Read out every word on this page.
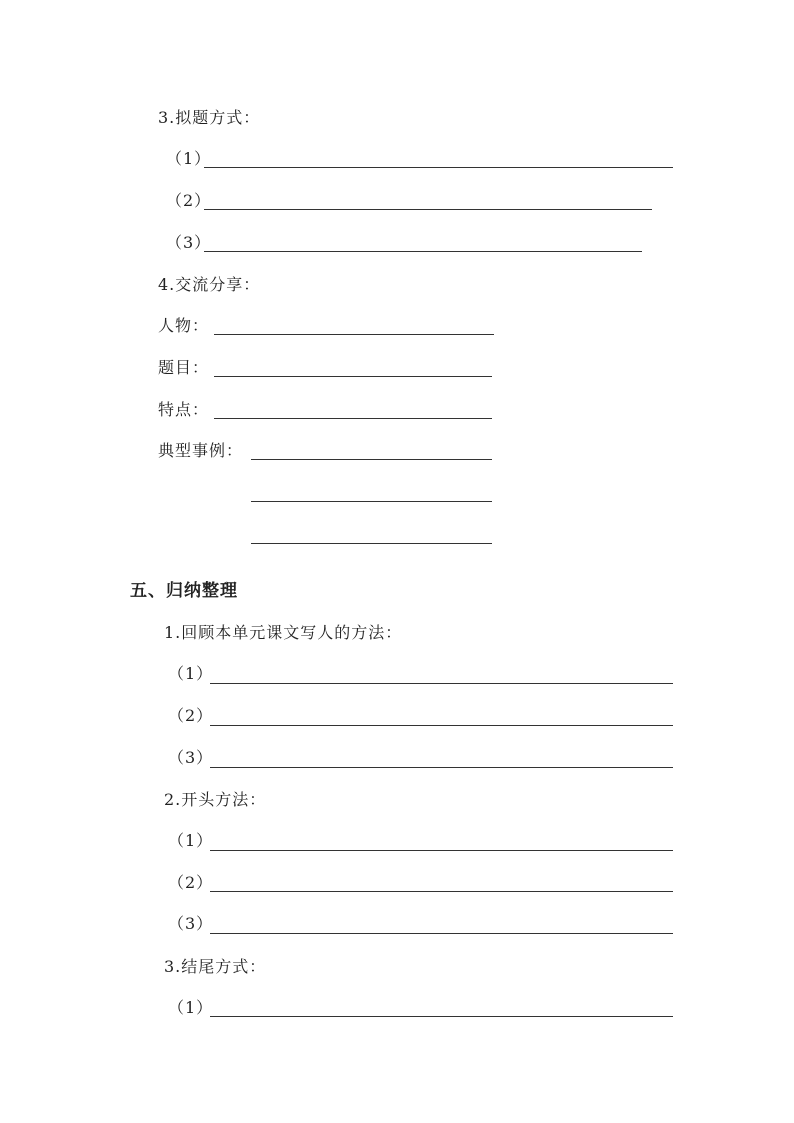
3.拟题方式：
（1）
（2）
（3）
4.交流分享：
人物：
题目：
特点：
典型事例：
五、归纳整理
1.回顾本单元课文写人的方法：
（1）
（2）
（3）
2.开头方法：
（1）
（2）
（3）
3.结尾方式：
（1）
